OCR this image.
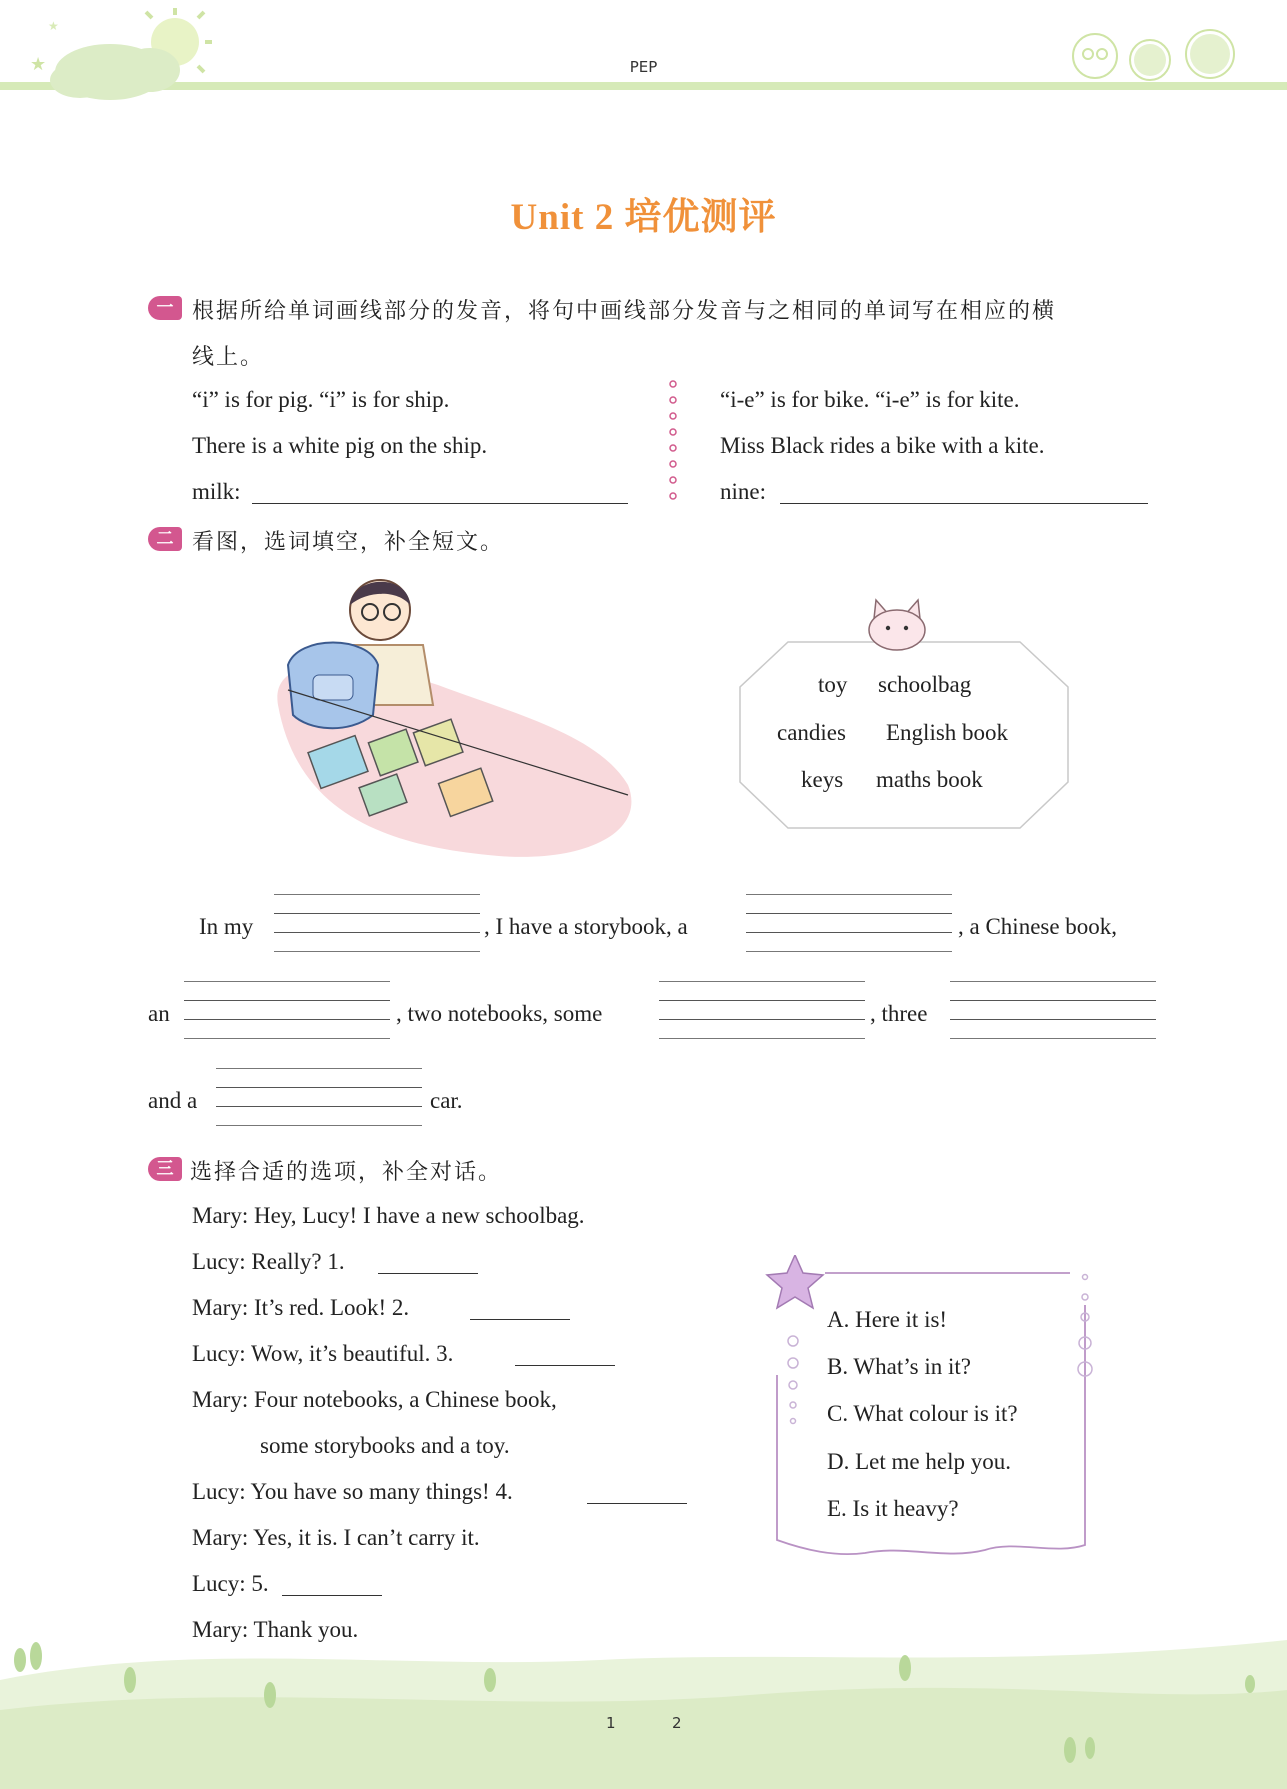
★
★
PEP
Unit 2 培优测评
一 根据所给单词画线部分的发音，将句中画线部分发音与之相同的单词写在相应的横
线上。
“i” is for pig. “i” is for ship.
There is a white pig on the ship.
milk:
“i-e” is for bike. “i-e” is for kite.
Miss Black rides a bike with a kite.
nine:
二 看图，选词填空，补全短文。
toy schoolbag
candies English book
keys maths book
In my	, I have a storybook, a	, a Chinese book,
an	, two notebooks, some	, three
and a	car.
三 选择合适的选项，补全对话。
Mary: Hey, Lucy! I have a new schoolbag.
Lucy: Really? 1.
Mary: It’s red. Look! 2.
Lucy: Wow, it’s beautiful. 3.
Mary: Four notebooks, a Chinese book,
some storybooks and a toy.
Lucy: You have so many things! 4.
Mary: Yes, it is. I can’t carry it.
Lucy: 5.
Mary: Thank you.
A. Here it is!
B. What’s in it?
C. What colour is it?
D. Let me help you.
E. Is it heavy?
1	2
